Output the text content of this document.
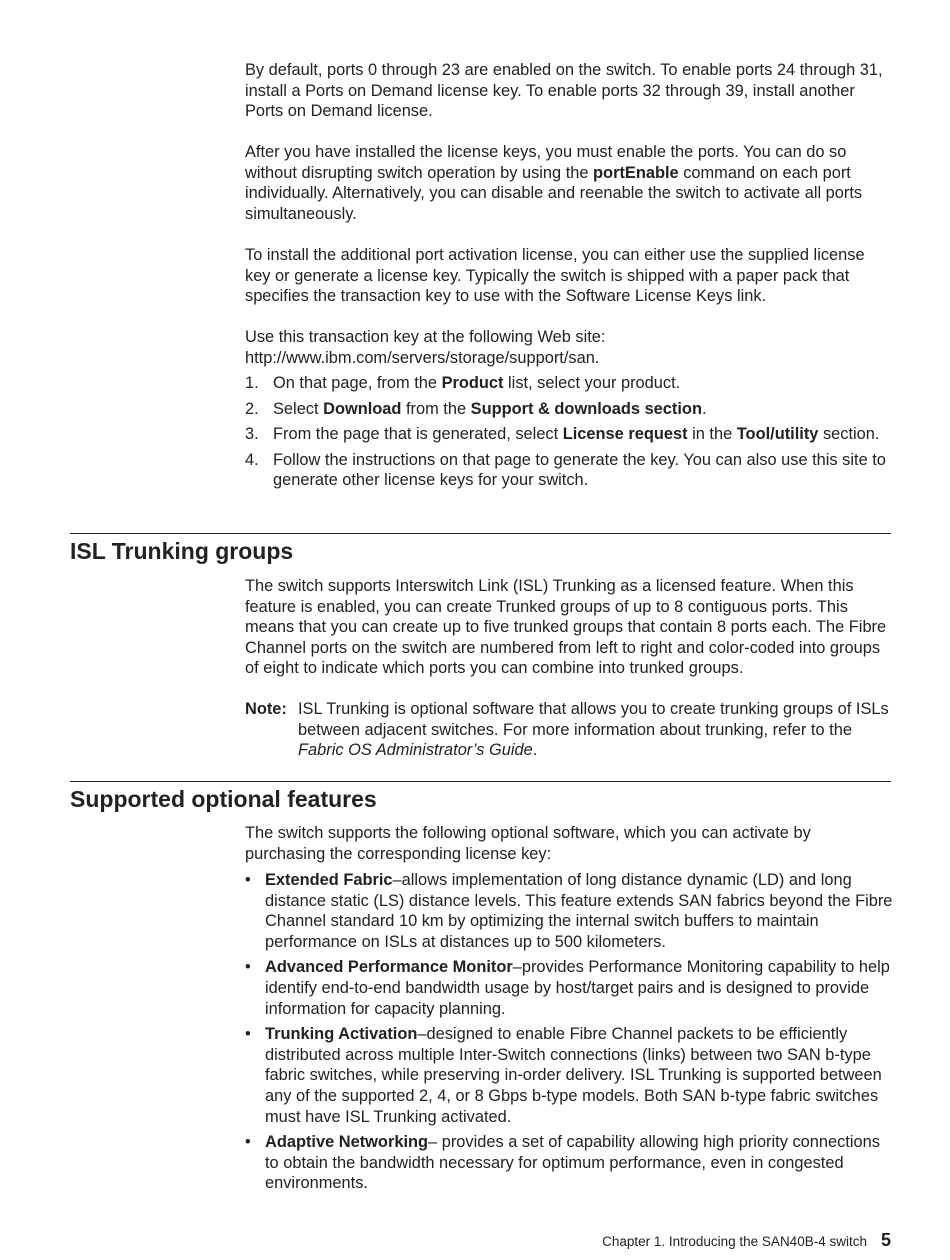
By default, ports 0 through 23 are enabled on the switch. To enable ports 24 through 31, install a Ports on Demand license key. To enable ports 32 through 39, install another Ports on Demand license.

After you have installed the license keys, you must enable the ports. You can do so without disrupting switch operation by using the portEnable command on each port individually. Alternatively, you can disable and reenable the switch to activate all ports simultaneously.

To install the additional port activation license, you can either use the supplied license key or generate a license key. Typically the switch is shipped with a paper pack that specifies the transaction key to use with the Software License Keys link.

Use this transaction key at the following Web site: http://www.ibm.com/servers/storage/support/san.

1. On that page, from the Product list, select your product.
2. Select Download from the Support & downloads section.
3. From the page that is generated, select License request in the Tool/utility section.
4. Follow the instructions on that page to generate the key. You can also use this site to generate other license keys for your switch.
ISL Trunking groups

The switch supports Interswitch Link (ISL) Trunking as a licensed feature. When this feature is enabled, you can create Trunked groups of up to 8 contiguous ports. This means that you can create up to five trunked groups that contain 8 ports each. The Fibre Channel ports on the switch are numbered from left to right and color-coded into groups of eight to indicate which ports you can combine into trunked groups.

Note: ISL Trunking is optional software that allows you to create trunking groups of ISLs between adjacent switches. For more information about trunking, refer to the Fabric OS Administrator’s Guide.
Supported optional features

The switch supports the following optional software, which you can activate by purchasing the corresponding license key:

• Extended Fabric–allows implementation of long distance dynamic (LD) and long distance static (LS) distance levels. This feature extends SAN fabrics beyond the Fibre Channel standard 10 km by optimizing the internal switch buffers to maintain performance on ISLs at distances up to 500 kilometers.
• Advanced Performance Monitor–provides Performance Monitoring capability to help identify end-to-end bandwidth usage by host/target pairs and is designed to provide information for capacity planning.
• Trunking Activation–designed to enable Fibre Channel packets to be efficiently distributed across multiple Inter-Switch connections (links) between two SAN b-type fabric switches, while preserving in-order delivery. ISL Trunking is supported between any of the supported 2, 4, or 8 Gbps b-type models. Both SAN b-type fabric switches must have ISL Trunking activated.
• Adaptive Networking– provides a set of capability allowing high priority connections to obtain the bandwidth necessary for optimum performance, even in congested environments.
Chapter 1. Introducing the SAN40B-4 switch 5
